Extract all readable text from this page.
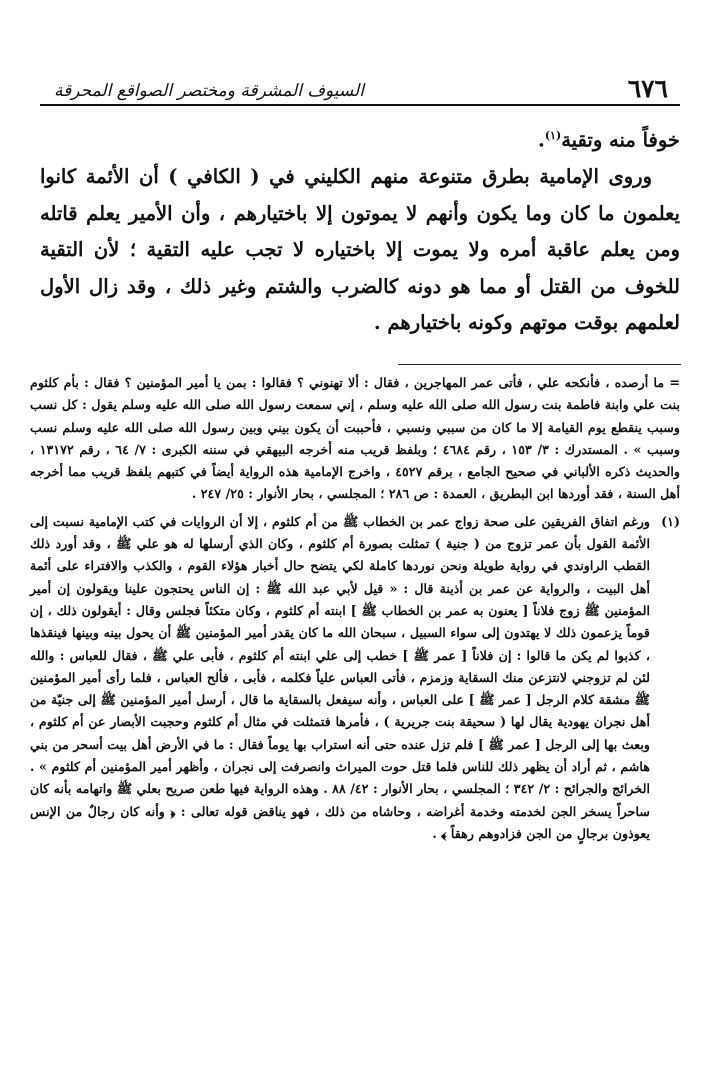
٦٧٦
السيوف المشرقة ومختصر الصواقع المحرقة

خوفاً منه وتقية$^{(١)}$.

وروى الإمامية بطرق متنوعة منهم الكليني في ( الكافي ) أن الأئمة كانوا يعلمون ما كان وما يكون وأنهم لا يموتون إلا باختيارهم ، وأن الأمير يعلم قاتله ومن يعلم عاقبة أمره ولا يموت إلا باختياره لا تجب عليه التقية ؛ لأن التقية للخوف من القتل أو مما هو دونه كالضرب والشتم وغير ذلك ، وقد زال الأول لعلمهم بوقت موتهم وكونه باختيارهم .

= ما أرصده ، فأنكحه علي ، فأتى عمر المهاجرين ، فقال : ألا تهنوني ؟ فقالوا : بمن يا أمير المؤمنين ؟ فقال : بأم كلثوم بنت علي وابنة فاطمة بنت رسول الله صلى الله عليه وسلم ، إني سمعت رسول الله صلى الله عليه وسلم يقول : كل نسب وسبب ينقطع يوم القيامة إلا ما كان من سببي ونسبي ، فأحببت أن يكون بيني وبين رسول الله صلى الله عليه وسلم نسب وسبب » . المستدرك : ٣/ ١٥٣ ، رقم ٤٦٨٤ ؛ وبلفظ قريب منه أخرجه البيهقي في سننه الكبرى : ٧/ ٦٤ ، رقم ١٣١٧٢ ، والحديث ذكره الألباني في صحيح الجامع ، برقم ٤٥٢٧ ، واخرج الإمامية هذه الرواية أيضاً في كتبهم بلفظ قريب مما أخرجه أهل السنة ، فقد أوردها ابن البطريق ، العمدة : ص ٢٨٦ ؛ المجلسي ، بحار الأنوار : ٢٥/ ٢٤٧ .

(١)
ورغم اتفاق الفريقين على صحة زواج عمر بن الخطاب ﷺ من أم كلثوم ، إلا أن الروايات في كتب الإمامية نسبت إلى الأئمة القول بأن عمر تزوج من ( جنية ) تمثلت بصورة أم كلثوم ، وكان الذي أرسلها له هو علي ﷺ ، وقد أورد ذلك القطب الراوندي في رواية طويلة ونحن نوردها كاملة لكي يتضح حال أخبار هؤلاء القوم ، والكذب والافتراء على أئمة أهل البيت ، والرواية عن عمر بن أذينة قال : « قيل لأبي عبد الله ﷺ : إن الناس يحتجون علينا ويقولون إن أمير المؤمنين ﷺ زوج فلاناً [ يعنون به عمر بن الخطاب ﷺ ] ابنته أم كلثوم ، وكان متكئاً فجلس وقال : أيقولون ذلك ، إن قوماً يزعمون ذلك لا يهتدون إلى سواء السبيل ، سبحان الله ما كان يقدر أمير المؤمنين ﷺ أن يحول بينه وبينها فينقذها ، كذبوا لم يكن ما قالوا : إن فلاناً [ عمر ﷺ ] خطب إلى علي ابنته أم كلثوم ، فأبى علي ﷺ ، فقال للعباس : والله لئن لم تزوجني لانتزعن منك السقاية وزمزم ، فأتى العباس علياً فكلمه ، فأبى ، فألح العباس ، فلما رأى أمير المؤمنين ﷺ مشقة كلام الرجل [ عمر ﷺ ] على العباس ، وأنه سيفعل بالسقاية ما قال ، أرسل أمير المؤمنين ﷺ إلى جنيّة من أهل نجران يهودية يقال لها ( سحيقة بنت جريرية ) ، فأمرها فتمثلت في مثال أم كلثوم وحجبت الأبصار عن أم كلثوم ، وبعث بها إلى الرجل [ عمر ﷺ ] فلم تزل عنده حتى أنه استراب بها يوماً فقال : ما في الأرض أهل بيت أسحر من بني هاشم ، ثم أراد أن يظهر ذلك للناس فلما قتل حوت الميراث وانصرفت إلى نجران ، وأظهر أمير المؤمنين أم كلثوم » . الخرائج والجرائح : ٢/ ٣٤٢ ؛ المجلسي ، بحار الأنوار : ٤٢/ ٨٨ . وهذه الرواية فيها طعن صريح بعلي ﷺ واتهامه بأنه كان ساحراً يسخر الجن لخدمته وخدمة أغراضه ، وحاشاه من ذلك ، فهو يناقض قوله تعالى : ﴿ وأنه كان رجالٌ من الإنس يعوذون برجالٍ من الجن فزادوهم رهقاً ﴾ .
